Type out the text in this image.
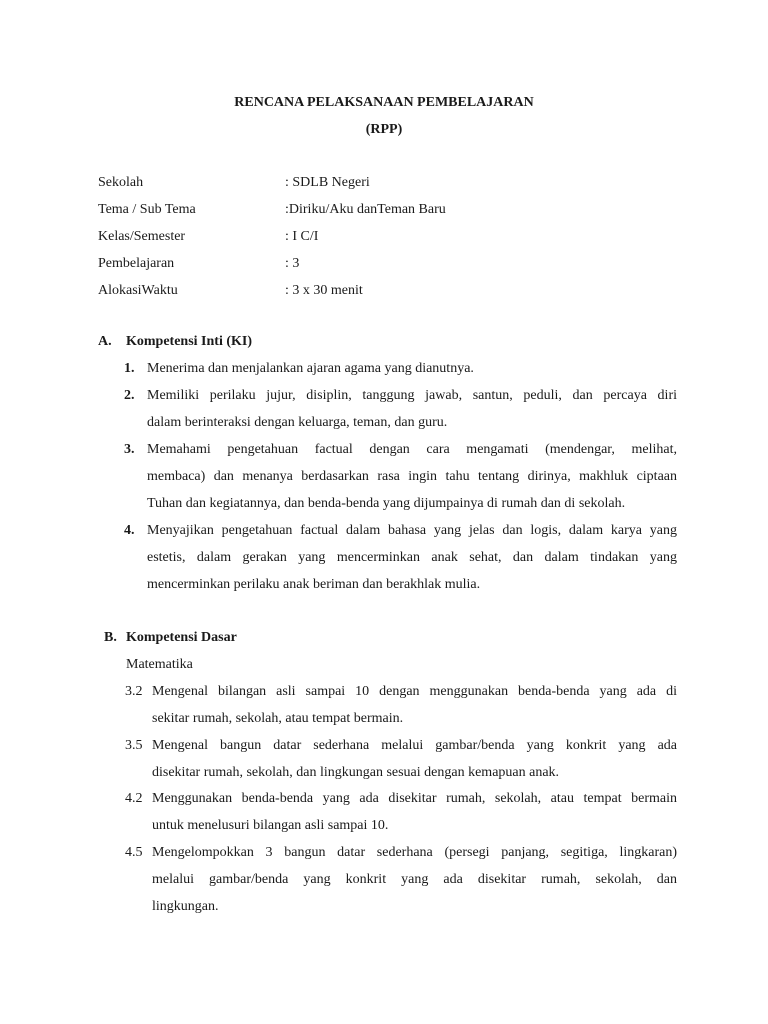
RENCANA PELAKSANAAN PEMBELAJARAN
(RPP)
Sekolah	: SDLB Negeri
Tema / Sub Tema	:Diriku/Aku danTeman Baru
Kelas/Semester	: I C/I
Pembelajaran	: 3
AlokasiWaktu	: 3 x 30 menit
A. Kompetensi Inti (KI)
1. Menerima dan menjalankan ajaran agama yang dianutnya.
2. Memiliki perilaku jujur, disiplin, tanggung jawab, santun, peduli, dan percaya diri
dalam berinteraksi dengan keluarga, teman, dan guru.
3. Memahami pengetahuan factual dengan cara mengamati (mendengar, melihat,
membaca) dan menanya berdasarkan rasa ingin tahu tentang dirinya, makhluk ciptaan
Tuhan dan kegiatannya, dan benda-benda yang dijumpainya di rumah dan di sekolah.
4. Menyajikan pengetahuan factual dalam bahasa yang jelas dan logis, dalam karya yang
estetis, dalam gerakan yang mencerminkan anak sehat, dan dalam tindakan yang
mencerminkan perilaku anak beriman dan berakhlak mulia.
B. Kompetensi Dasar
Matematika
3.2 Mengenal bilangan asli sampai 10 dengan menggunakan benda-benda yang ada di
sekitar rumah, sekolah, atau tempat bermain.
3.5 Mengenal bangun datar sederhana melalui gambar/benda yang konkrit yang ada
disekitar rumah, sekolah, dan lingkungan sesuai dengan kemapuan anak.
4.2 Menggunakan benda-benda yang ada disekitar rumah, sekolah, atau tempat bermain
untuk menelusuri bilangan asli sampai 10.
4.5 Mengelompokkan 3 bangun datar sederhana (persegi panjang, segitiga, lingkaran)
melalui gambar/benda yang konkrit yang ada disekitar rumah, sekolah, dan
lingkungan.
